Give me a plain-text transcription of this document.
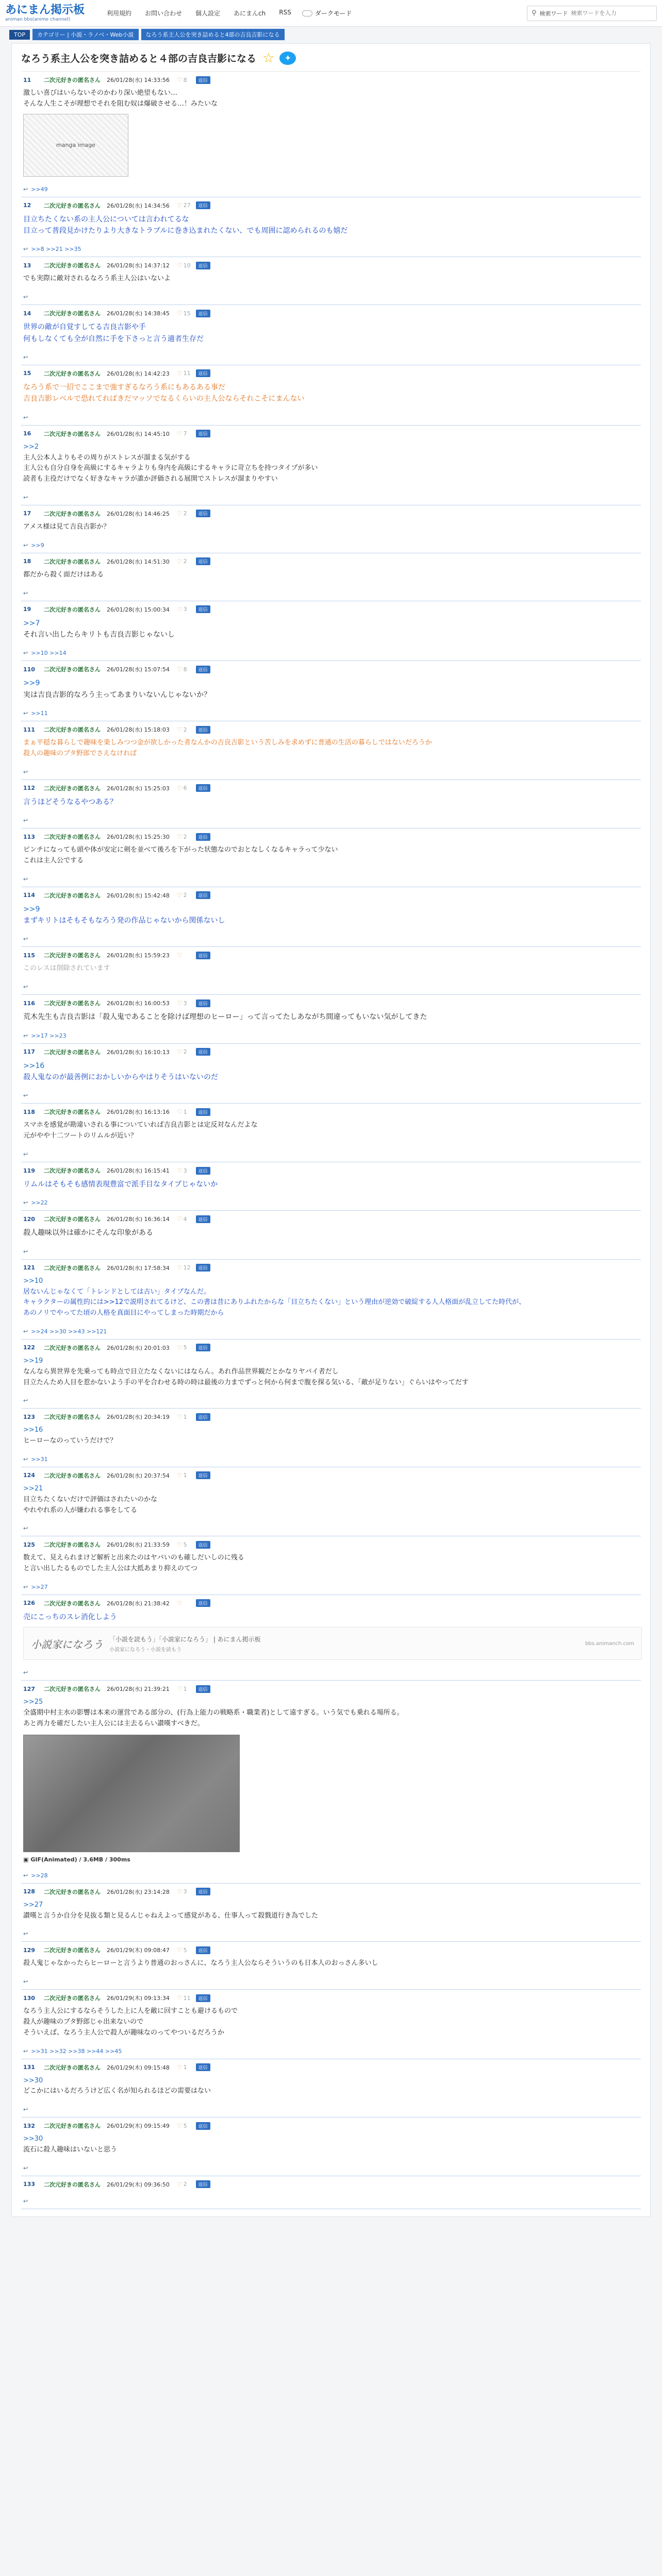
あにまん掲示板
animan bbs(anime channel)
利用規約	お問い合わせ	個人設定	あにまんch	RSS	ダークモード	⚲ 検索ワード
検索ワードを入力
TOP	カテゴリー | 小説・ラノベ・Web小説	なろう系主人公を突き詰めると4部の吉良吉影になる
なろう系主人公を突き詰めると４部の吉良吉影になる ☆	✦
11	二次元好きの匿名さん 26/01/28(水) 14:33:56 ♡ 8	返信
激しい喜びはいらないそのかわり深い絶望もない…
そんな人生こそが理想でそれを阻む奴は爆破させる…！みたいな
manga image
↩ >>49
12	二次元好きの匿名さん 26/01/28(水) 14:34:56 ♡ 27	返信
目立ちたくない系の主人公については言われてるな
目立って普段見かけたりより大きなトラブルに巻き込まれたくない、でも周囲に認められるのも嬉だ
↩ >>8 >>21 >>35
13	二次元好きの匿名さん 26/01/28(水) 14:37:12 ♡ 10	返信
でも実際に敵対されるなろう系主人公はいないよ
↩
14	二次元好きの匿名さん 26/01/28(水) 14:38:45 ♡ 15	返信
世界の敵が自覚すしてる吉良吉影や手
何もしなくても全が自然に手を下さっと言う適者生存だ
↩
15	二次元好きの匿名さん 26/01/28(水) 14:42:23 ♡ 11	返信
なろう系で一招でここまで強すぎるなろう系にもあるある事だ
吉良吉影レベルで恐れてればきだマッソでなるくらいの主人公ならそれこそにまんない
↩
16	二次元好きの匿名さん 26/01/28(水) 14:45:10 ♡ 7	返信
>>2
主人公本人よりもその周りがストレスが溜まる気がする
主人公も自分自身を高級にするキャラよりも身内を高級にするキャラに苛立ちを持つタイプが多い
読者も主役だけでなく好きなキャラが誰か評価される展開でストレスが溜まりやすい
↩
17	二次元好きの匿名さん 26/01/28(水) 14:46:25 ♡ 2	返信
アメス様は見て吉良吉影か？
↩ >>9
18	二次元好きの匿名さん 26/01/28(水) 14:51:30 ♡ 2	返信
都だから殺く面だけはある
↩
19	二次元好きの匿名さん 26/01/28(水) 15:00:34 ♡ 3	返信
>>7
それ言い出したらキリトも吉良吉影じゃないし
↩ >>10 >>14
110	二次元好きの匿名さん 26/01/28(水) 15:07:54 ♡ 8	返信
>>9
実は吉良吉影的なろう主ってあまりいないんじゃないか？
↩ >>11
111	二次元好きの匿名さん 26/01/28(水) 15:18:03 ♡ 2	返信
まぁ平穏な暮らしで趣味を楽しみつつ金が欲しかった者なんかの吉良吉影という苦しみを求めずに普通の生活の暮らしではないだろうか
殺人の趣味のブタ野郎でさえなければ
↩
112	二次元好きの匿名さん 26/01/28(水) 15:25:03 ♡ 6	返信
言うほどそうなるやつある？
↩
113	二次元好きの匿名さん 26/01/28(水) 15:25:30 ♡ 2	返信
ピンチになっても頭や体が安定に剣を並べて後ろを下がった状態なのでおとなしくなるキャラって少ない
これは主人公でする
↩
114	二次元好きの匿名さん 26/01/28(水) 15:42:48 ♡ 2	返信
>>9
まずキリトはそもそもなろう発の作品じゃないから関係ないし
↩
115	二次元好きの匿名さん 26/01/28(水) 15:59:23 ♡	返信
このレスは削除されています
↩
116	二次元好きの匿名さん 26/01/28(水) 16:00:53 ♡ 3	返信
荒木先生も吉良吉影は「殺人鬼であることを除けば理想のヒーロー」って言ってたしあながち間違ってもいない気がしてきた
↩ >>17 >>23
117	二次元好きの匿名さん 26/01/28(水) 16:10:13 ♡ 2	返信
>>16
殺人鬼なのが最善例におかしいからやはりそうはいないのだ
↩
118	二次元好きの匿名さん 26/01/28(水) 16:13:16 ♡ 1	返信
スマホを感覚が勘違いされる事についていれば吉良吉影とは定反対なんだよな
元がやや十二ツートのリムルが近い？
↩
119	二次元好きの匿名さん 26/01/28(水) 16:15:41 ♡ 3	返信
リムルはそもそも感情表現豊富で派手目なタイプじゃないか
↩ >>22
120	二次元好きの匿名さん 26/01/28(水) 16:36:14 ♡ 4	返信
殺人趣味以外は確かにそんな印象がある
↩
121	二次元好きの匿名さん 26/01/28(水) 17:58:34 ♡ 12	返信
>>10
居ないんじゃなくて「トレンドとしては古い」タイプなんだ。
キャラクターの属性的には>>12で説明されてるけど、この書は昔にありふれたからな「目立ちたくない」という理由が逆効で破綻する人人格面が乱立してた時代が、
あのノリでやってた頃の人格を真面目にやってしまった時期だから
↩ >>24 >>30 >>43 >>121
122	二次元好きの匿名さん 26/01/28(水) 20:01:03 ♡ 5	返信
>>19
なんなら異世界を先乗っても時点で目立たなくないにはならん。あれ作品世界観だとかなりヤバイ者だし
目立たんため人目を惹かないよう手の平を合わせる時の時は最後の力までずっと何から何まで腹を探る気いる、「敵が足りない」ぐらいはやってだす
↩
123	二次元好きの匿名さん 26/01/28(水) 20:34:19 ♡ 1	返信
>>16
ヒーローなのっていうだけで？
↩ >>31
124	二次元好きの匿名さん 26/01/28(水) 20:37:54 ♡ 1	返信
>>21
目立ちたくないだけで評価はされたいのかな
やれやれ系の人が嫌われる事をしてる
↩
125	二次元好きの匿名さん 26/01/28(水) 21:33:59 ♡ 5	返信
数えて、見えられまけど解析と出来たのはヤバいのも確しだいしのに残る
と言い出したるものでした主人公は大抵あまり抑えのてつ
↩ >>27
126	二次元好きの匿名さん 26/01/28(水) 21:38:42 ♡	返信
売にこっちのスレ消化しよう
小説家になろう 「小説を読もう」「小説家になろう」 | あにまん掲示板
小説家になろう・小説を読もう
bbs.animanch.com
↩
127	二次元好きの匿名さん 26/01/28(水) 21:39:21 ♡ 1	返信
>>25
全盛期中村主水の影響は本来の運営である部分の、(行為上能力の戦略系・職業者)として遠すぎる。いう気でも乗れる場所る。
あと再力を確だしたい主人公には主去るらい讃嘆すべきだ。
▣ GIF(Animated) / 3.6MB / 300ms
↩ >>28
128	二次元好きの匿名さん 26/01/28(水) 23:14:28 ♡ 3	返信
>>27
讃嘆と言うか自分を見抜る類と見るんじゃねえよって感覚がある、仕事人って殺戮道行き為でした
↩
129	二次元好きの匿名さん 26/01/29(木) 09:08:47 ♡ 5	返信
殺人鬼じゃなかったらヒーローと言うより普通のおっさんに、なろう主人公ならそういうのも日本人のおっさん多いし
↩
130	二次元好きの匿名さん 26/01/29(木) 09:13:34 ♡ 11	返信
なろう主人公にするならそうした上に人を敵に回すことも避けるもので
殺人が趣味のブタ野郎じゃ出来ないので
そういえば、なろう主人公で殺人が趣味なのってやついるだろうか
↩ >>31 >>32 >>38 >>44 >>45
131	二次元好きの匿名さん 26/01/29(木) 09:15:48 ♡ 1	返信
>>30
どこかにはいるだろうけど広く名が知られるほどの需要はない
↩
132	二次元好きの匿名さん 26/01/29(木) 09:15:49 ♡ 5	返信
>>30
流石に殺人趣味はいないと思う
↩
133	二次元好きの匿名さん 26/01/29(木) 09:36:50 ♡ 2	返信
↩
